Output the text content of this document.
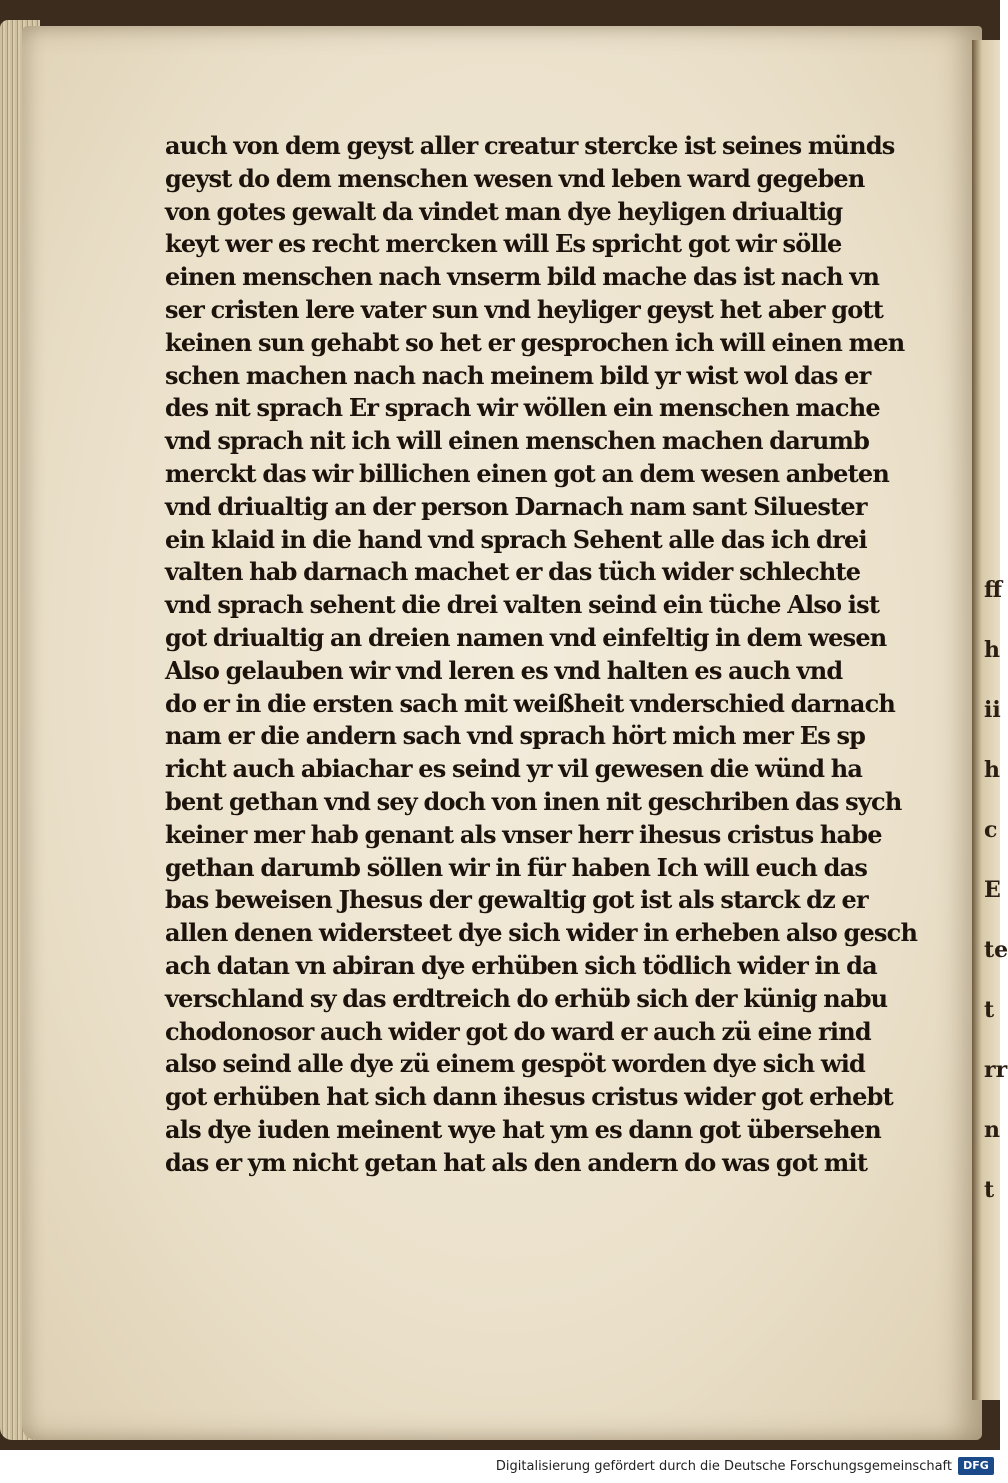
ff
h
ii
h
c
E
te
t
rr
n
t
auch von dem geyst aller creatur stercke ist seines münds
geyst do dem menschen wesen vnd leben ward gegeben
von gotes gewalt da vindet man dye heyligen driualtig
keyt wer es recht mercken will Es spricht got wir sölle
einen menschen nach vnserm bild mache das ist nach vn
ser cristen lere vater sun vnd heyliger geyst het aber gott
keinen sun gehabt so het er gesprochen ich will einen men
schen machen nach nach meinem bild yr wist wol das er
des nit sprach Er sprach wir wöllen ein menschen mache
vnd sprach nit ich will einen menschen machen darumb
merckt das wir billichen einen got an dem wesen anbeten
vnd driualtig an der person Darnach nam sant Siluester
ein klaid in die hand vnd sprach Sehent alle das ich drei
valten hab darnach machet er das tüch wider schlechte
vnd sprach sehent die drei valten seind ein tüche Also ist
got driualtig an dreien namen vnd einfeltig in dem wesen
Also gelauben wir vnd leren es vnd halten es auch vnd
do er in die ersten sach mit weißheit vnderschied darnach
nam er die andern sach vnd sprach hört mich mer Es sp
richt auch abiachar es seind yr vil gewesen die wünd ha
bent gethan vnd sey doch von inen nit geschriben das sych
keiner mer hab genant als vnser herr ihesus cristus habe
gethan darumb söllen wir in für haben Ich will euch das
bas beweisen Jhesus der gewaltig got ist als starck dz er
allen denen widersteet dye sich wider in erheben also gesch
ach datan vn abiran dye erhüben sich tödlich wider in da
verschland sy das erdtreich do erhüb sich der künig nabu
chodonosor auch wider got do ward er auch zü eine rind
also seind alle dye zü einem gespöt worden dye sich wid
got erhüben hat sich dann ihesus cristus wider got erhebt
als dye iuden meinent wye hat ym es dann got übersehen
das er ym nicht getan hat als den andern do was got mit
Digitalisierung gefördert durch die Deutsche Forschungsgemeinschaft	DFG
